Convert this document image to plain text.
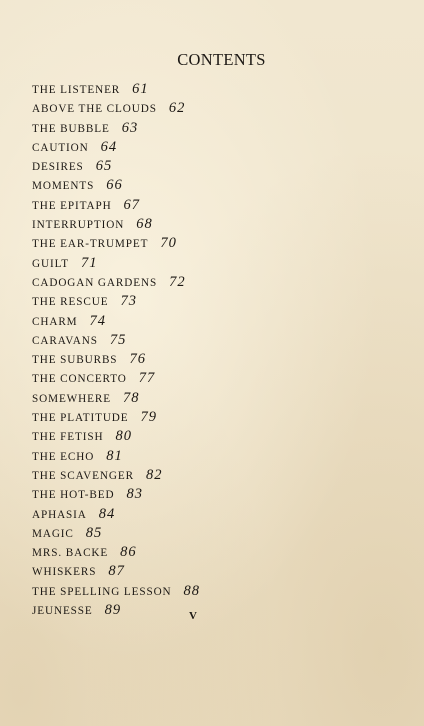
CONTENTS
THE LISTENER 61
ABOVE THE CLOUDS 62
THE BUBBLE 63
CAUTION 64
DESIRES 65
MOMENTS 66
THE EPITAPH 67
INTERRUPTION 68
THE EAR-TRUMPET 70
GUILT 71
CADOGAN GARDENS 72
THE RESCUE 73
CHARM 74
CARAVANS 75
THE SUBURBS 76
THE CONCERTO 77
SOMEWHERE 78
THE PLATITUDE 79
THE FETISH 80
THE ECHO 81
THE SCAVENGER 82
THE HOT-BED 83
APHASIA 84
MAGIC 85
MRS. BACKE 86
WHISKERS 87
THE SPELLING LESSON 88
JEUNESSE 89	V
